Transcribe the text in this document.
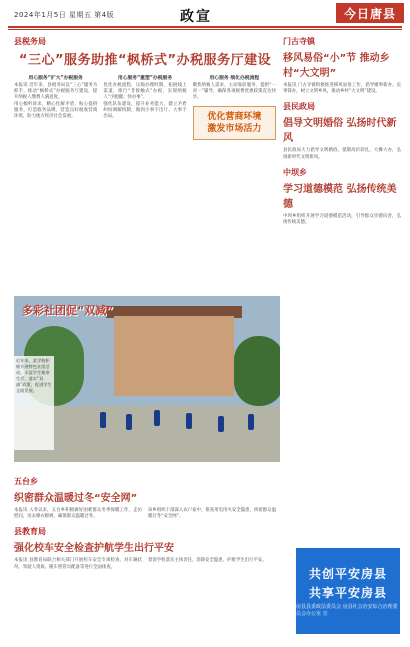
2024年1月5日 星期五 第4版	政宣	今日唐县
县税务局
“三心”服务助推“枫桥式”办税服务厅建设
用心服务“扩大”办税服务
本报讯 近年来，县税务局以“三心”服务为抓手，推动“枫桥式”办税服务厅建设，提升纳税人缴费人满意度。
用心倾听诉求，精心化解矛盾，贴心提供服务，打造服务品牌，营造良好税收营商环境，助力地方经济社会发展。
用心服务“重塑”办税服务
优化办税流程，压缩办理时限，拓展线上渠道，推行“非接触式”办税，实现纳税人“少跑腿、快办事”。
强化队伍建设，提升业务能力，建立矛盾纠纷调解机制，做到小事不出厅、大事不出局。
用心服务 细化办税流程
聚焦纳税人需求，主动靠前服务，提供“一对一”辅导，确保各项税费优惠政策直达快享。
优化营商环境
激发市场活力
多彩社团促“双减”
近年来，某学校积极开展特色社团活动，丰富学生课余生活，落实“双减”政策，促进学生全面发展。
五台乡
织密群众温暖过冬“安全网”
本报讯 入冬以来，五台乡积极做好困难群众冬季保暖工作，走访慰问，送去棉衣棉被，确保群众温暖过冬。
该乡组织干部深入农户家中，排查用电用火安全隐患，织密群众温暖过冬“安全网”。
县教育局
强化校车安全检查护航学生出行平安
本报讯 县教育局联合相关部门开展校车安全专项检查，对车辆状况、驾驶人资质、随车照管员配备等进行全面排查。
督促学校落实主体责任，消除安全隐患，护航学生出行平安。
门古寺镇
移风易俗“小”节 推动乡村“大文明”
本报讯 门古寺镇积极推进移风易俗工作，倡导婚事新办、丧事简办，树立文明乡风，推动乡村“大文明”建设。
县民政局
倡导文明婚俗 弘扬时代新风
县民政局大力倡导文明婚俗，抵制高价彩礼、大操大办，弘扬新时代文明新风。
中坝乡
学习道德模范 弘扬传统美德
中坝乡组织开展学习道德模范活动，引导群众崇德向善，弘扬传统美德。
共创平安房县
共享平安房县
房县县委政法委员会 房县社会治安综合治理委员会办公室 宣
